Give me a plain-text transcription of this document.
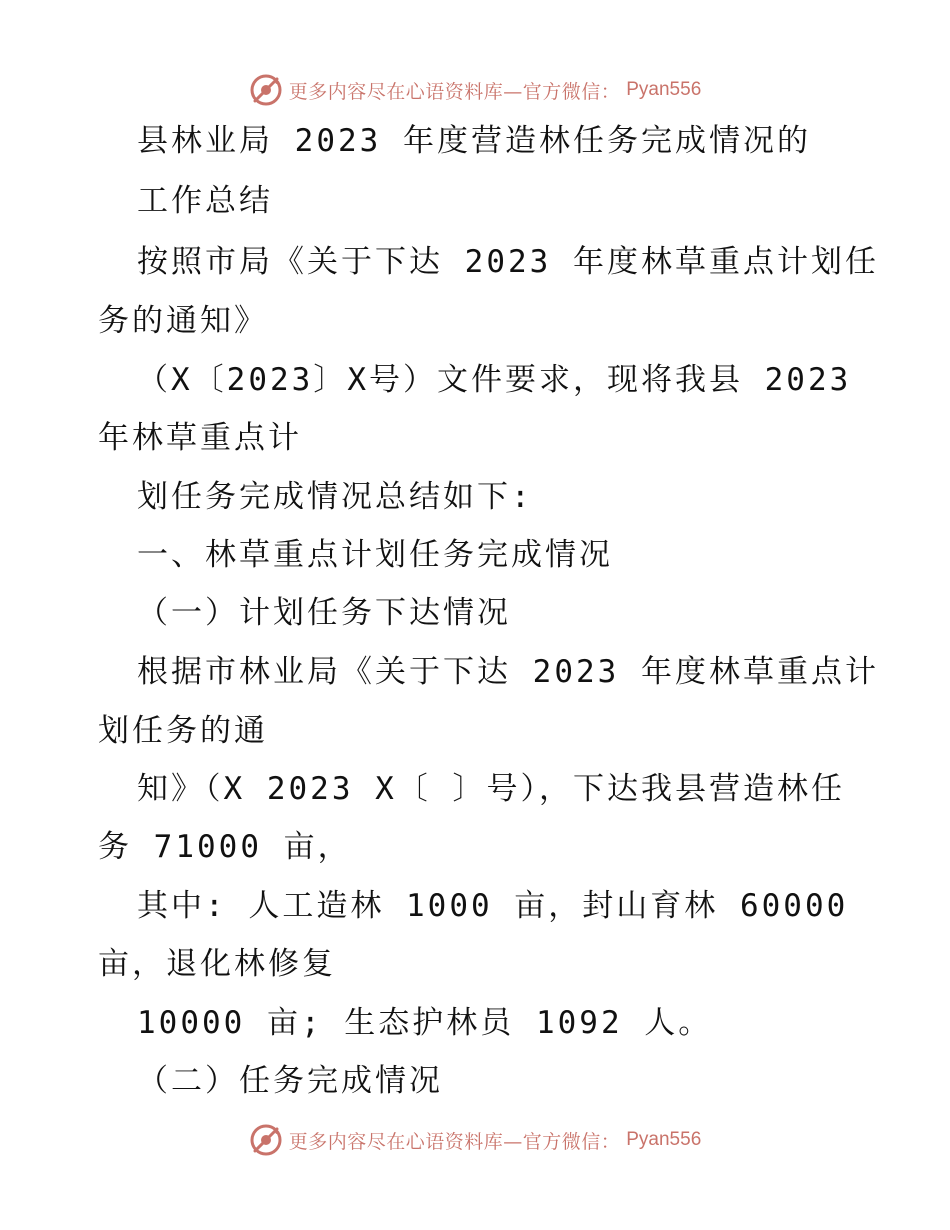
更多内容尽在心语资料库—官方微信： Pyan556
县林业局 2023 年度营造林任务完成情况的
工作总结
按照市局《关于下达 2023 年度林草重点计划任
务的通知》
（X〔2023〕X号）文件要求，现将我县 2023
年林草重点计
划任务完成情况总结如下:
一、林草重点计划任务完成情况
（一）计划任务下达情况
根据市林业局《关于下达 2023 年度林草重点计
划任务的通
知》（X 2023 X〔 〕号），下达我县营造林任
务 71000 亩，
其中: 人工造林 1000 亩，封山育林 60000
亩，退化林修复
10000 亩; 生态护林员 1092 人。
（二）任务完成情况
更多内容尽在心语资料库—官方微信： Pyan556
